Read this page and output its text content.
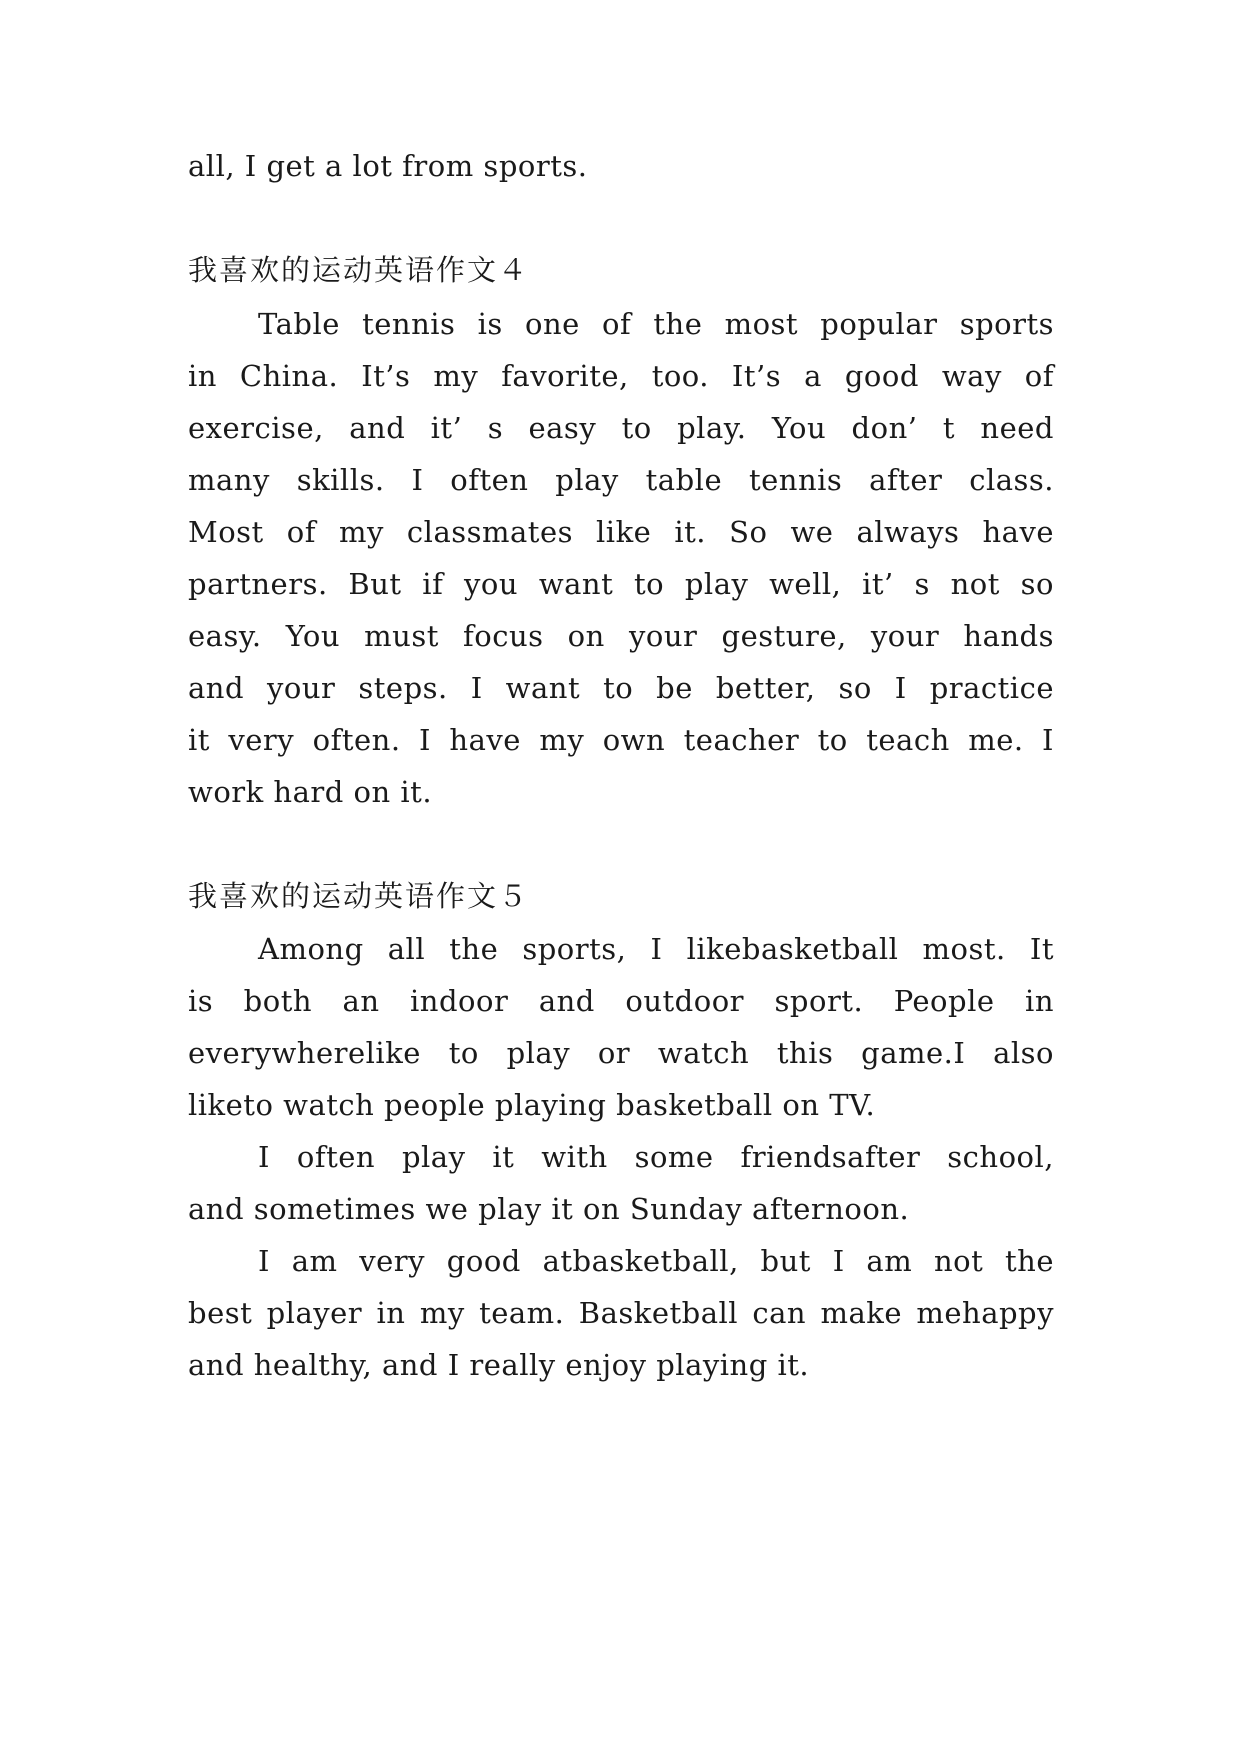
all, I get a lot from sports.
我喜欢的运动英语作文４
Table tennis is one of the most popular sports
in China. It’s my favorite, too. It’s a good way of
exercise, and it’ s easy to play. You don’ t need
many skills. I often play table tennis after class.
Most of my classmates like it. So we always have
partners. But if you want to play well, it’ s not so
easy. You must focus on your gesture, your hands
and your steps. I want to be better, so I practice
it very often. I have my own teacher to teach me. I
work hard on it.
我喜欢的运动英语作文５
Among all the sports, I likebasketball most. It
is both an indoor and outdoor sport. People in
everywherelike to play or watch this game.I also
liketo watch people playing basketball on TV.
I often play it with some friendsafter school,
and sometimes we play it on Sunday afternoon.
I am very good atbasketball, but I am not the
best player in my team. Basketball can make mehappy
and healthy, and I really enjoy playing it.
